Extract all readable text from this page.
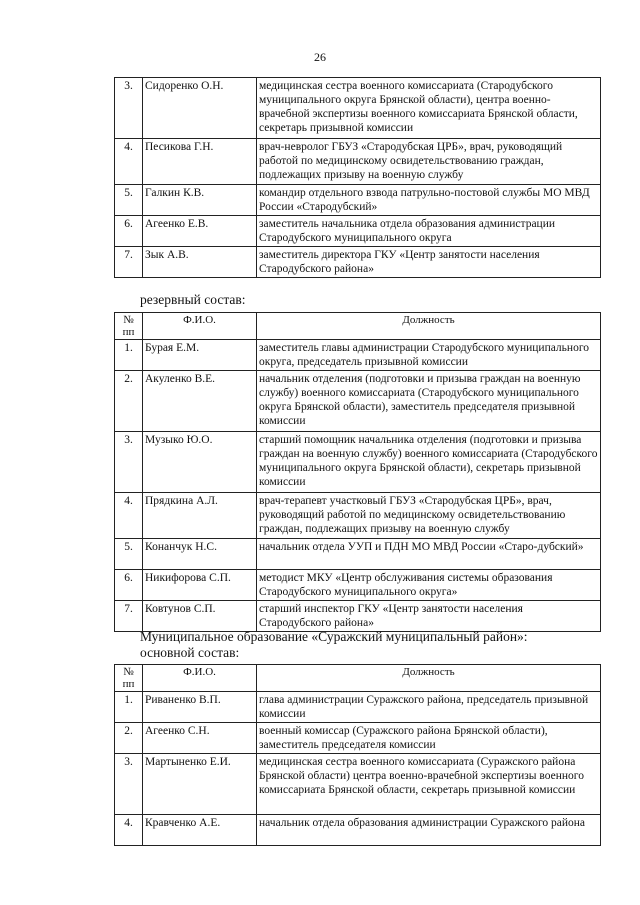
26
3.	Сидоренко О.Н.	медицинская сестра военного комиссариата (Стародубского муниципального округа Брянской области), центра военно-врачебной экспертизы военного комиссариата Брянской области, секретарь призывной комиссии
4.	Песикова Г.Н.	врач-невролог ГБУЗ «Стародубская ЦРБ», врач, руководящий работой по медицинскому освидетельствованию граждан, подлежащих призыву на военную службу
5.	Галкин К.В.	командир отдельного взвода патрульно-постовой службы МО МВД России «Стародубский»
6.	Агеенко Е.В.	заместитель начальника отдела образования администрации Стародубского муниципального округа
7.	Зык А.В.	заместитель директора ГКУ «Центр занятости населения Стародубского района»
резервный состав:
№ пп	Ф.И.О.	Должность
1.	Бурая Е.М.	заместитель главы администрации Стародубского муниципального округа, председатель призывной комиссии
2.	Акуленко В.Е.	начальник отделения (подготовки и призыва граждан на военную службу) военного комиссариата (Стародубского муниципального округа Брянской области), заместитель председателя призывной комиссии
3.	Музыко Ю.О.	старший помощник начальника отделения (подготовки и призыва граждан на военную службу) военного комиссариата (Стародубского муниципального округа Брянской области), секретарь призывной комиссии
4.	Прядкина А.Л.	врач-терапевт участковый ГБУЗ «Стародубская ЦРБ», врач, руководящий работой по медицинскому освидетельствованию граждан, подлежащих призыву на военную службу
5.	Конанчук Н.С.	начальник отдела УУП и ПДН МО МВД России «Старо-дубский»
6.	Никифорова С.П.	методист МКУ «Центр обслуживания системы образования Стародубского муниципального округа»
7.	Ковтунов С.П.	старший инспектор ГКУ «Центр занятости населения Стародубского района»
Муниципальное образование «Суражский муниципальный район»:
основной состав:
№ пп	Ф.И.О.	Должность
1.	Риваненко В.П.	глава администрации Суражского района, председатель призывной комиссии
2.	Агеенко С.Н.	военный комиссар (Суражского района Брянской области), заместитель председателя комиссии
3.	Мартыненко Е.И.	медицинская сестра военного комиссариата (Суражского района Брянской области) центра военно-врачебной экспертизы военного комиссариата Брянской области, секретарь призывной комиссии
4.	Кравченко А.Е.	начальник отдела образования администрации Суражского района
